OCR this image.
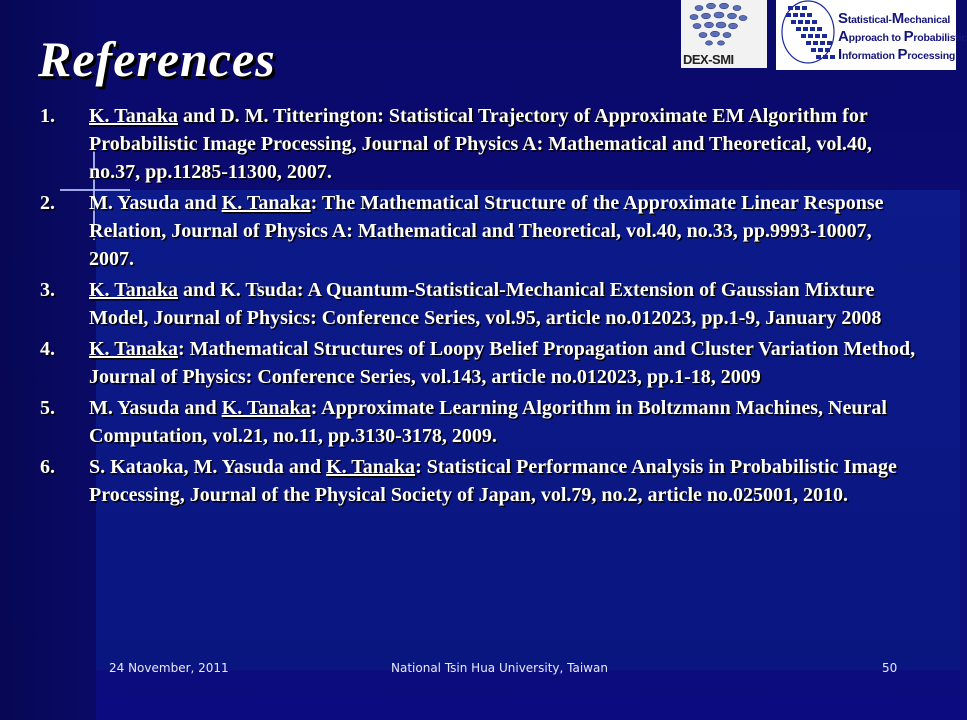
References	DEX-SMI
Statistical-Mechanical
Approach to Probabilistic
Information Processing
1. K. Tanaka and D. M. Titterington: Statistical Trajectory of Approximate EM Algorithm for Probabilistic Image Processing, Journal of Physics A: Mathematical and Theoretical, vol.40, no.37, pp.11285-11300, 2007.
2. M. Yasuda and K. Tanaka: The Mathematical Structure of the Approximate Linear Response Relation, Journal of Physics A: Mathematical and Theoretical, vol.40, no.33, pp.9993-10007, 2007.
3. K. Tanaka and K. Tsuda: A Quantum-Statistical-Mechanical Extension of Gaussian Mixture Model, Journal of Physics: Conference Series, vol.95, article no.012023, pp.1-9, January 2008
4. K. Tanaka: Mathematical Structures of Loopy Belief Propagation and Cluster Variation Method, Journal of Physics: Conference Series, vol.143, article no.012023, pp.1-18, 2009
5. M. Yasuda and K. Tanaka: Approximate Learning Algorithm in Boltzmann Machines, Neural Computation, vol.21, no.11, pp.3130-3178, 2009.
6. S. Kataoka, M. Yasuda and K. Tanaka: Statistical Performance Analysis in Probabilistic Image Processing, Journal of the Physical Society of Japan, vol.79, no.2, article no.025001, 2010.
24 November, 2011	National Tsin Hua University, Taiwan	50
